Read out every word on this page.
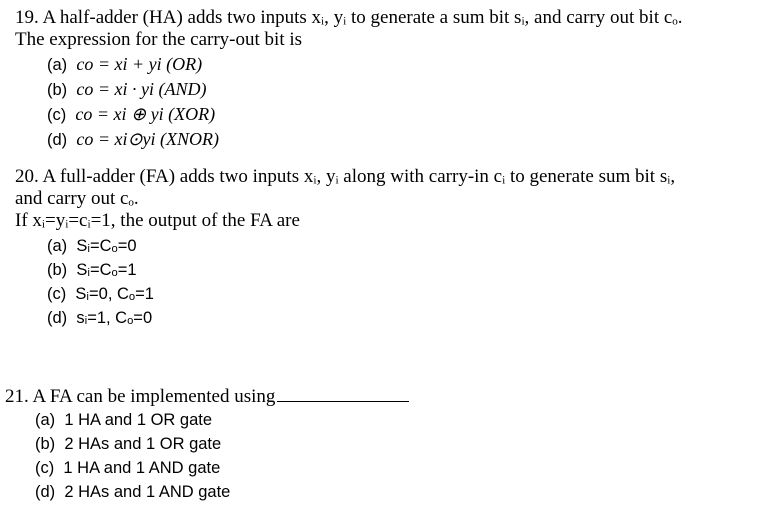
19. A half-adder (HA) adds two inputs xᵢ, yᵢ to generate a sum bit sᵢ, and carry out bit cₒ.
The expression for the carry-out bit is
(a) co = xi + yi (OR)
(b) co = xi · yi (AND)
(c) co = xi ⊕ yi (XOR)
(d) co = xi⊙yi (XNOR)
20. A full-adder (FA) adds two inputs xᵢ, yᵢ along with carry-in cᵢ to generate sum bit sᵢ,
and carry out cₒ.
If xᵢ=yᵢ=cᵢ=1, the output of the FA are
(a) Sᵢ=Cₒ=0
(b) Sᵢ=Cₒ=1
(c) Sᵢ=0, Cₒ=1
(d) sᵢ=1, Cₒ=0
21. A FA can be implemented using
(a) 1 HA and 1 OR gate
(b) 2 HAs and 1 OR gate
(c) 1 HA and 1 AND gate
(d) 2 HAs and 1 AND gate
